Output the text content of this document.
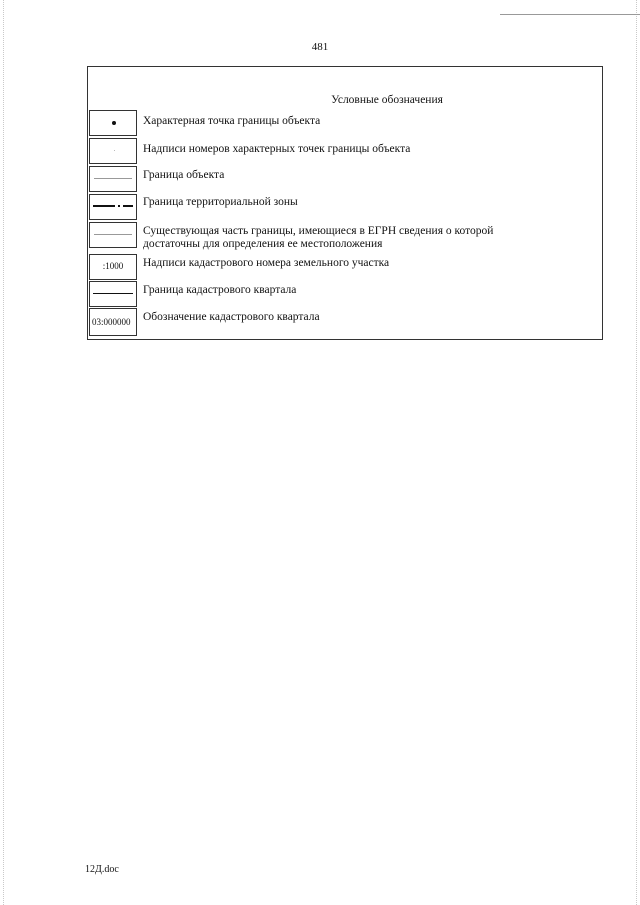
481
Условные обозначения
Характерная точка границы объекта
Надписи номеров характерных точек границы объекта
Граница объекта
Граница территориальной зоны
Существующая часть границы, имеющиеся в ЕГРН сведения о которой
достаточны для определения ее местоположения
:1000	Надписи кадастрового номера земельного участка
Граница кадастрового квартала
03:000000	Обозначение кадастрового квартала
12Д.doc
